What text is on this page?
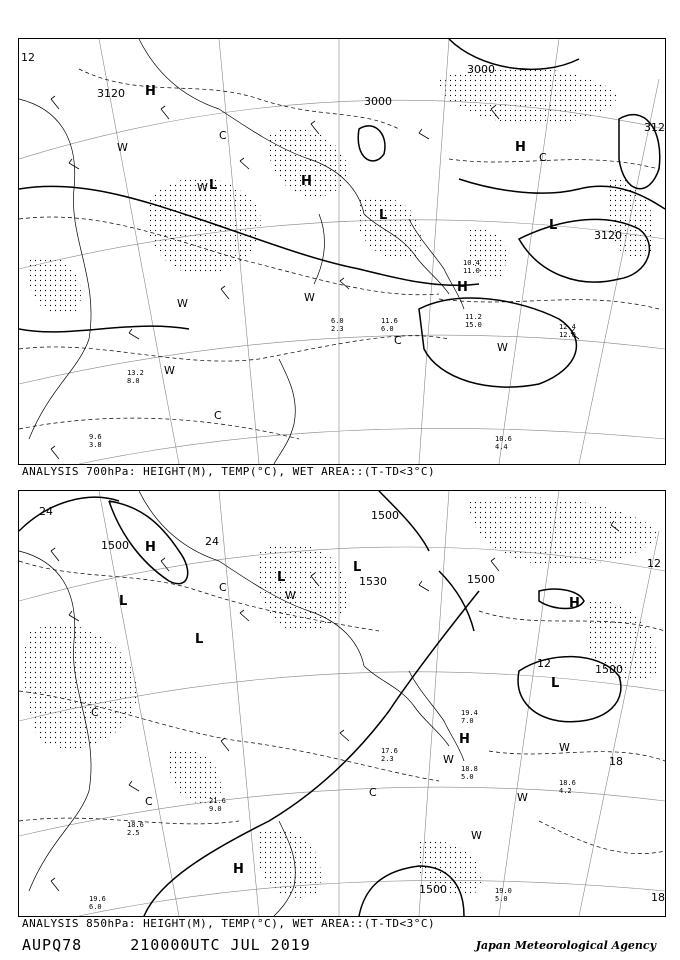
3120
3000
3000
3120
12
312
H
H
H
L
L
L
H
C
C
C
C
W
W
W
W
W
W
12.4
12.0
11.2
15.0
10.6
4.4
11.6
6.0
10.4
11.0
6.0
2.3
9.6
3.8
13.2
8.0
ANALYSIS 700hPa: HEIGHT(M), TEMP(°C), WET AREA::(T-TD<3°C)
1500
1500
1500
1500
1500
1530
24
24
12
18
18
12
H
H
H
H
L
L
L
L
L
C
C
C
C
W
W
W
W
W
18.8
5.0
18.6
4.2
19.0
5.0
17.6
2.3
18.6
2.5
19.6
6.0
21.6
9.0
19.4
7.0
ANALYSIS 850hPa: HEIGHT(M), TEMP(°C), WET AREA::(T-TD<3°C)
AUPQ78	210000UTC JUL 2019	Japan Meteorological Agency
